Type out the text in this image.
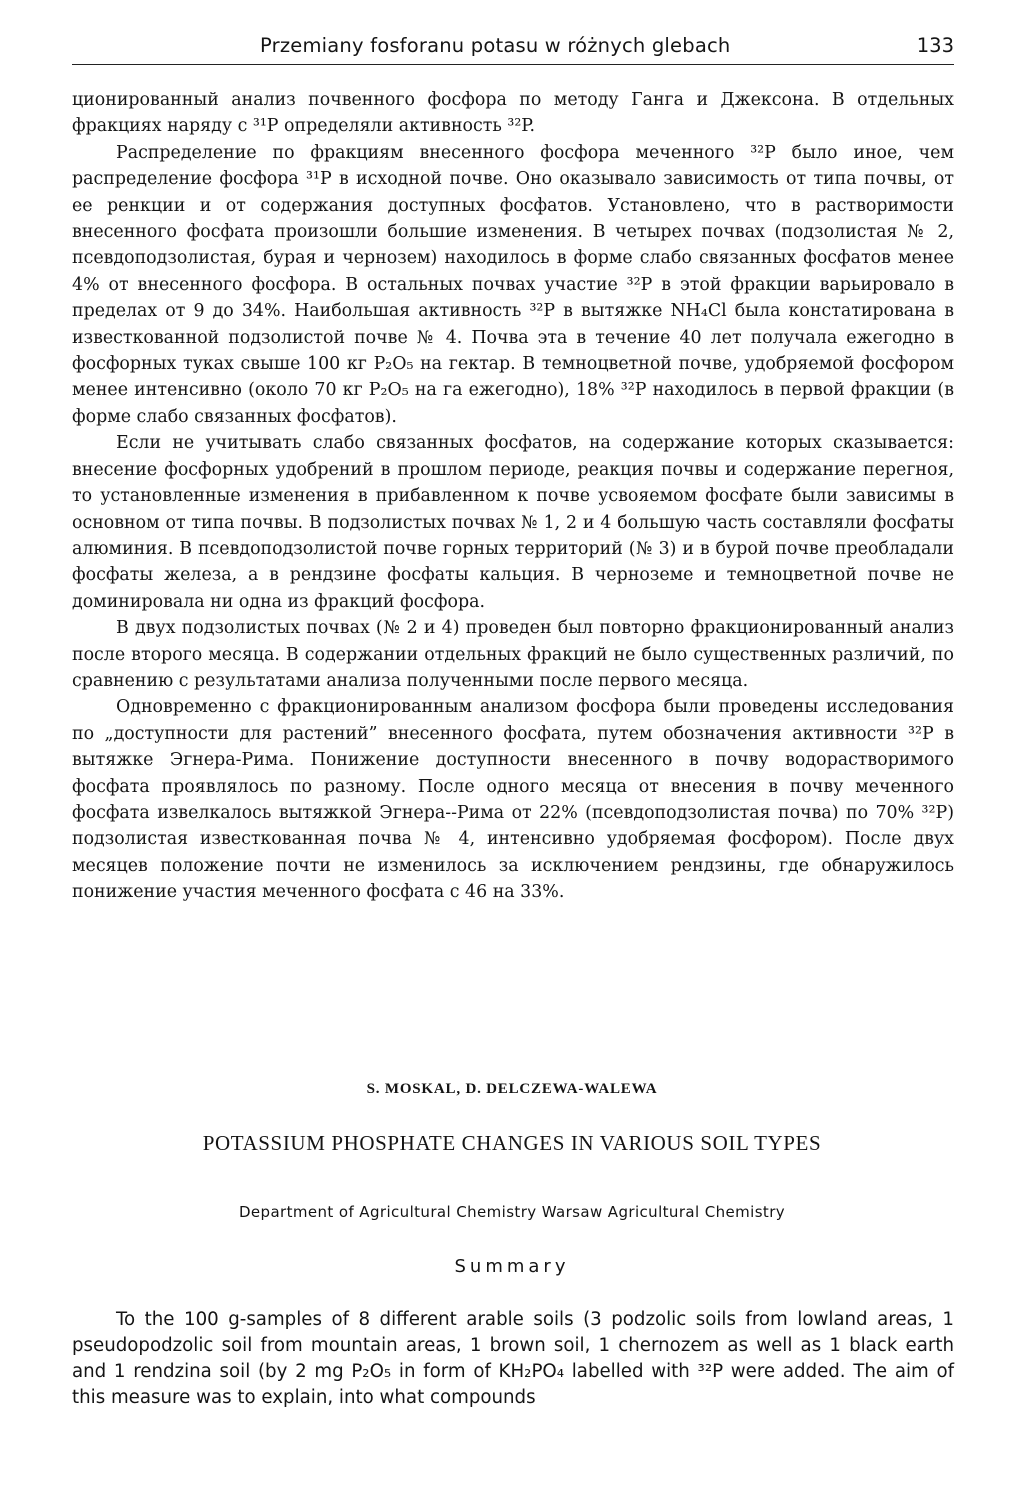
Przemiany fosforanu potasu w różnych glebach	133

ционированный анализ почвенного фосфора по методу Ганга и Джексона. В отдельных фракциях наряду с ³¹P определяли активность ³²P.

Распределение по фракциям внесенного фосфора меченного ³²P было иное, чем распределение фосфора ³¹P в исходной почве. Оно оказывало зависимость от типа почвы, от ее ренкции и от содержания доступных фосфатов. Установлено, что в растворимости внесенного фосфата произошли большие изменения. В четырех почвах (подзолистая № 2, псевдоподзолистая, бурая и чернозем) находилось в форме слабо связанных фосфатов менее 4% от внесенного фосфора. В остальных почвах участие ³²P в этой фракции варьировало в пределах от 9 до 34%. Наибольшая активность ³²P в вытяжке NH₄Cl была констатирована в известкованной подзолистой почве № 4. Почва эта в течение 40 лет получала ежегодно в фосфорных туках свыше 100 кг P₂O₅ на гектар. В темноцветной почве, удобряемой фосфором менее интенсивно (около 70 кг P₂O₅ на га ежегодно), 18% ³²P находилось в первой фракции (в форме слабо связанных фосфатов).

Если не учитывать слабо связанных фосфатов, на содержание которых сказывается: внесение фосфорных удобрений в прошлом периоде, реакция почвы и содержание перегноя, то установленные изменения в прибавленном к почве усвояемом фосфате были зависимы в основном от типа почвы. В подзолистых почвах № 1, 2 и 4 большую часть составляли фосфаты алюминия. В псевдоподзолистой почве горных территорий (№ 3) и в бурой почве преобладали фосфаты железа, а в рендзине фосфаты кальция. В черноземе и темноцветной почве не доминировала ни одна из фракций фосфора.

В двух подзолистых почвах (№ 2 и 4) проведен был повторно фракционированный анализ после второго месяца. В содержании отдельных фракций не было существенных различий, по сравнению с результатами анализа полученными после первого месяца.

Одновременно с фракционированным анализом фосфора были проведены исследования по „доступности для растений” внесенного фосфата, путем обозначения активности ³²P в вытяжке Эгнера-Рима. Понижение доступности внесенного в почву водорастворимого фосфата проявлялось по разному. После одного месяца от внесения в почву меченного фосфата извелкалось вытяжкой Эгнера--Рима от 22% (псевдоподзолистая почва) по 70% ³²P) подзолистая известкованная почва № 4, интенсивно удобряемая фосфором). После двух месяцев положение почти не изменилось за исключением рендзины, где обнаружилось понижение участия меченного фосфата с 46 на 33%.

S. MOSKAL, D. DELCZEWA-WALEWA
POTASSIUM PHOSPHATE CHANGES IN VARIOUS SOIL TYPES
Department of Agricultural Chemistry Warsaw Agricultural Chemistry
Summary
To the 100 g-samples of 8 different arable soils (3 podzolic soils from lowland areas, 1 pseudopodzolic soil from mountain areas, 1 brown soil, 1 chernozem as well as 1 black earth and 1 rendzina soil (by 2 mg P₂O₅ in form of KH₂PO₄ labelled with ³²P were added. The aim of this measure was to explain, into what compounds
